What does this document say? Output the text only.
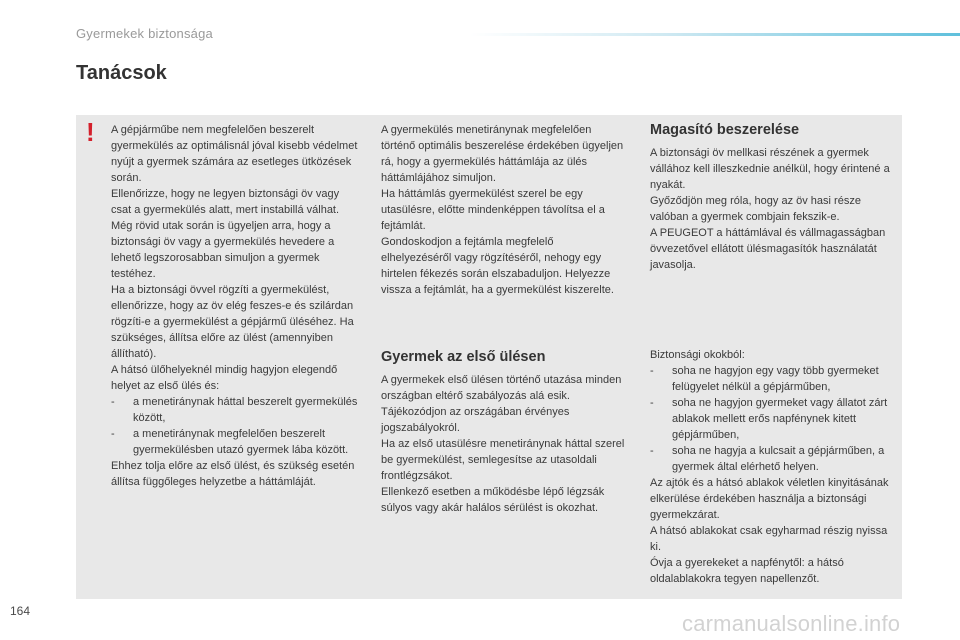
Gyermekek biztonsága
Tanácsok
! A gépjárműbe nem megfelelően beszerelt gyermekülés az optimálisnál jóval kisebb védelmet nyújt a gyermek számára az esetleges ütközések során.

Ellenőrizze, hogy ne legyen biztonsági öv vagy csat a gyermekülés alatt, mert instabillá válhat.

Még rövid utak során is ügyeljen arra, hogy a biztonsági öv vagy a gyermekülés hevedere a lehető legszorosabban simuljon a gyermek testéhez.

Ha a biztonsági övvel rögzíti a gyermekülést, ellenőrizze, hogy az öv elég feszes-e és szilárdan rögzíti-e a gyermekülést a gépjármű üléséhez. Ha szükséges, állítsa előre az ülést (amennyiben állítható).

A hátsó ülőhelyeknél mindig hagyjon elegendő helyet az első ülés és:

-	a menetiránynak háttal beszerelt gyermekülés között,
-	a menetiránynak megfelelően beszerelt gyermekülésben utazó gyermek lába között.

Ehhez tolja előre az első ülést, és szükség esetén állítsa függőleges helyzetbe a háttámláját.

A gyermekülés menetiránynak megfelelően történő optimális beszerelése érdekében ügyeljen rá, hogy a gyermekülés háttámlája az ülés háttámlájához simuljon.

Ha háttámlás gyermekülést szerel be egy utasülésre, előtte mindenképpen távolítsa el a fejtámlát.

Gondoskodjon a fejtámla megfelelő elhelyezéséről vagy rögzítéséről, nehogy egy hirtelen fékezés során elszabaduljon. Helyezze vissza a fejtámlát, ha a gyermekülést kiszerelte.

Gyermek az első ülésen

A gyermekek első ülésen történő utazása minden országban eltérő szabályozás alá esik. Tájékozódjon az országában érvényes jogszabályokról.

Ha az első utasülésre menetiránynak háttal szerel be gyermekülést, semlegesítse az utasoldali frontlégzsákot.

Ellenkező esetben a működésbe lépő légzsák súlyos vagy akár halálos sérülést is okozhat.

Magasító beszerelése

A biztonsági öv mellkasi részének a gyermek vállához kell illeszkednie anélkül, hogy érintené a nyakát.

Győződjön meg róla, hogy az öv hasi része valóban a gyermek combjain fekszik-e.

A PEUGEOT a háttámlával és vállmagasságban övvezetővel ellátott ülésmagasítók használatát javasolja.

Biztonsági okokból:

-	soha ne hagyjon egy vagy több gyermeket felügyelet nélkül a gépjárműben,
-	soha ne hagyjon gyermeket vagy állatot zárt ablakok mellett erős napfénynek kitett gépjárműben,
-	soha ne hagyja a kulcsait a gépjárműben, a gyermek által elérhető helyen.

Az ajtók és a hátsó ablakok véletlen kinyitásának elkerülése érdekében használja a biztonsági gyermekzárat.

A hátsó ablakokat csak egyharmad részig nyissa ki.

Óvja a gyerekeket a napfénytől: a hátsó oldalablakokra tegyen napellenzőt.

164	carmanualsonline.info
